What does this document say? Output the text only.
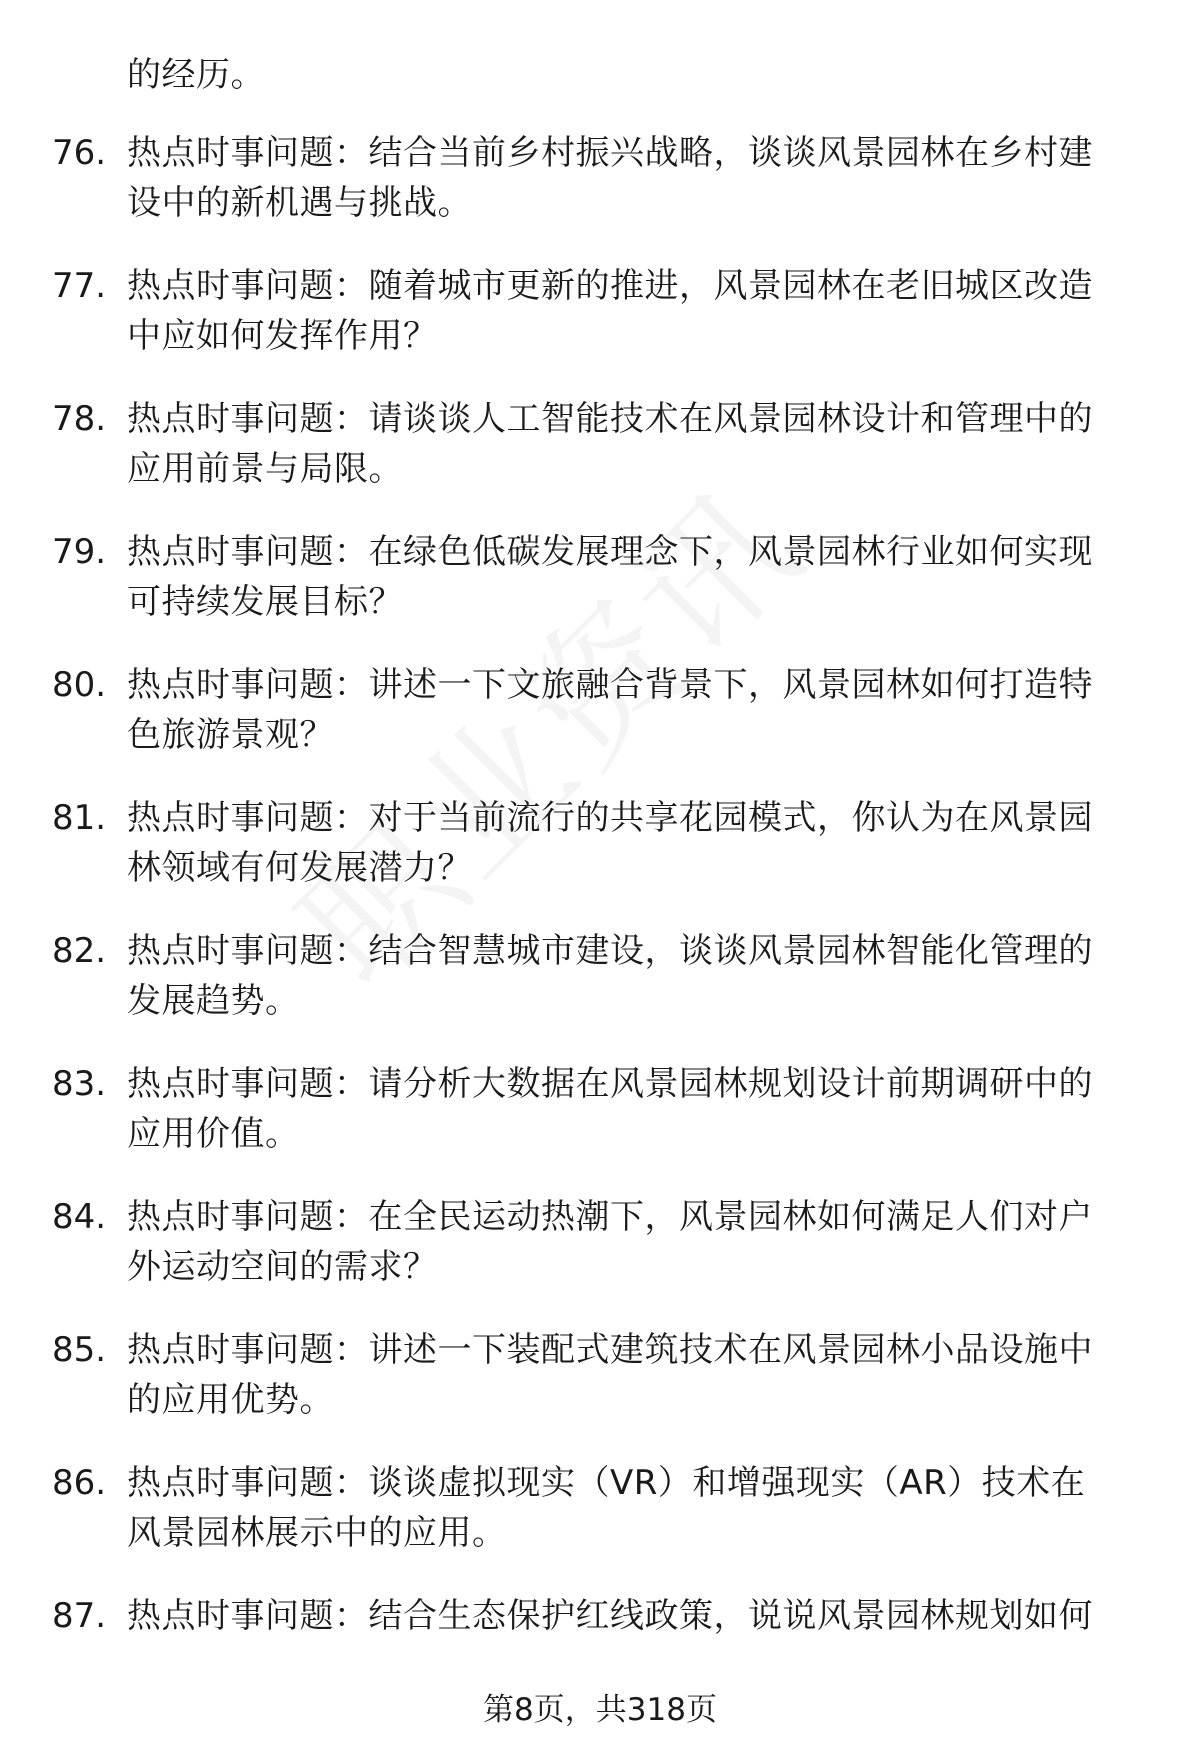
的经历。
76. 热点时事问题：结合当前乡村振兴战略，谈谈风景园林在乡村建
设中的新机遇与挑战。
77. 热点时事问题：随着城市更新的推进，风景园林在老旧城区改造
中应如何发挥作用？
78. 热点时事问题：请谈谈人工智能技术在风景园林设计和管理中的
应用前景与局限。
79. 热点时事问题：在绿色低碳发展理念下，风景园林行业如何实现
可持续发展目标？
80. 热点时事问题：讲述一下文旅融合背景下，风景园林如何打造特
色旅游景观？
81. 热点时事问题：对于当前流行的共享花园模式，你认为在风景园
林领域有何发展潜力？
82. 热点时事问题：结合智慧城市建设，谈谈风景园林智能化管理的
发展趋势。
83. 热点时事问题：请分析大数据在风景园林规划设计前期调研中的
应用价值。
84. 热点时事问题：在全民运动热潮下，风景园林如何满足人们对户
外运动空间的需求？
85. 热点时事问题：讲述一下装配式建筑技术在风景园林小品设施中
的应用优势。
86. 热点时事问题：谈谈虚拟现实（VR）和增强现实（AR）技术在
风景园林展示中的应用。
87. 热点时事问题：结合生态保护红线政策，说说风景园林规划如何
第8页，共318页
